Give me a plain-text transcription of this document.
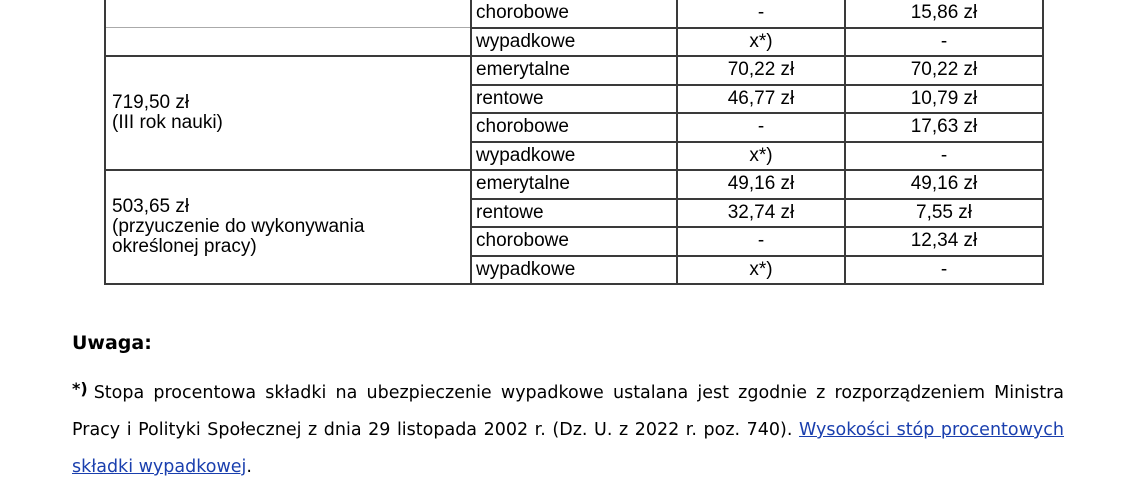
	chorobowe	-	15,86 zł
	wypadkowe	x*)	-

719,50 zł
(III rok nauki)	emerytalne	70,22 zł	70,22 zł
	rentowe	46,77 zł	10,79 zł
	chorobowe	-	17,63 zł
	wypadkowe	x*)	-

503,65 zł
(przyuczenie do wykonywania
określonej pracy)	emerytalne	49,16 zł	49,16 zł
	rentowe	32,74 zł	7,55 zł
	chorobowe	-	12,34 zł
	wypadkowe	x*)	-
Uwaga:
*) Stopa procentowa składki na ubezpieczenie wypadkowe ustalana jest zgodnie z rozporządzeniem Ministra Pracy i Polityki Społecznej z dnia 29 listopada 2002 r. (Dz. U. z 2022 r. poz. 740). Wysokości stóp procentowych składki wypadkowej.
